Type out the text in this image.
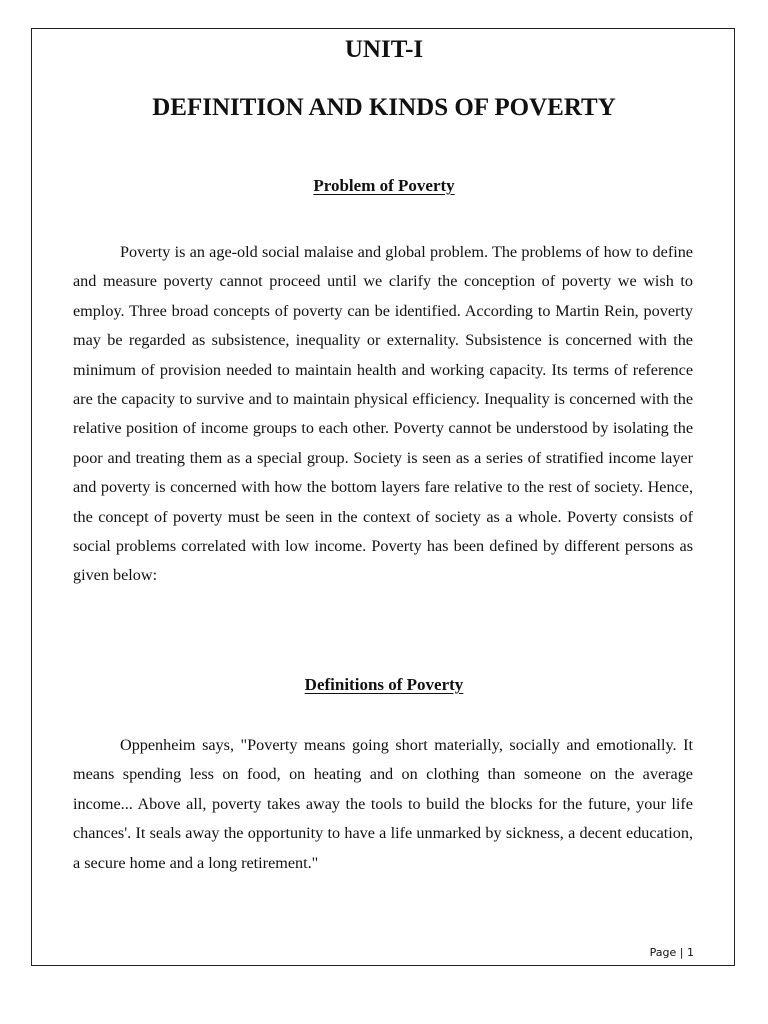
UNIT-I
DEFINITION AND KINDS OF POVERTY
Problem of Poverty

Poverty is an age-old social malaise and global problem. The problems of how to define and measure poverty cannot proceed until we clarify the conception of poverty we wish to employ. Three broad concepts of poverty can be identified. According to Martin Rein, poverty may be regarded as subsistence, inequality or externality. Subsistence is concerned with the minimum of provision needed to maintain health and working capacity. Its terms of reference are the capacity to survive and to maintain physical efficiency. Inequality is concerned with the relative position of income groups to each other. Poverty cannot be understood by isolating the poor and treating them as a special group. Society is seen as a series of stratified income layer and poverty is concerned with how the bottom layers fare relative to the rest of society. Hence, the concept of poverty must be seen in the context of society as a whole. Poverty consists of social problems correlated with low income. Poverty has been defined by different persons as given below:

Definitions of Poverty

Oppenheim says, "Poverty means going short materially, socially and emotionally. It means spending less on food, on heating and on clothing than someone on the average income... Above all, poverty takes away the tools to build the blocks for the future, your life chances'. It seals away the opportunity to have a life unmarked by sickness, a decent education, a secure home and a long retirement."

Page | 1
